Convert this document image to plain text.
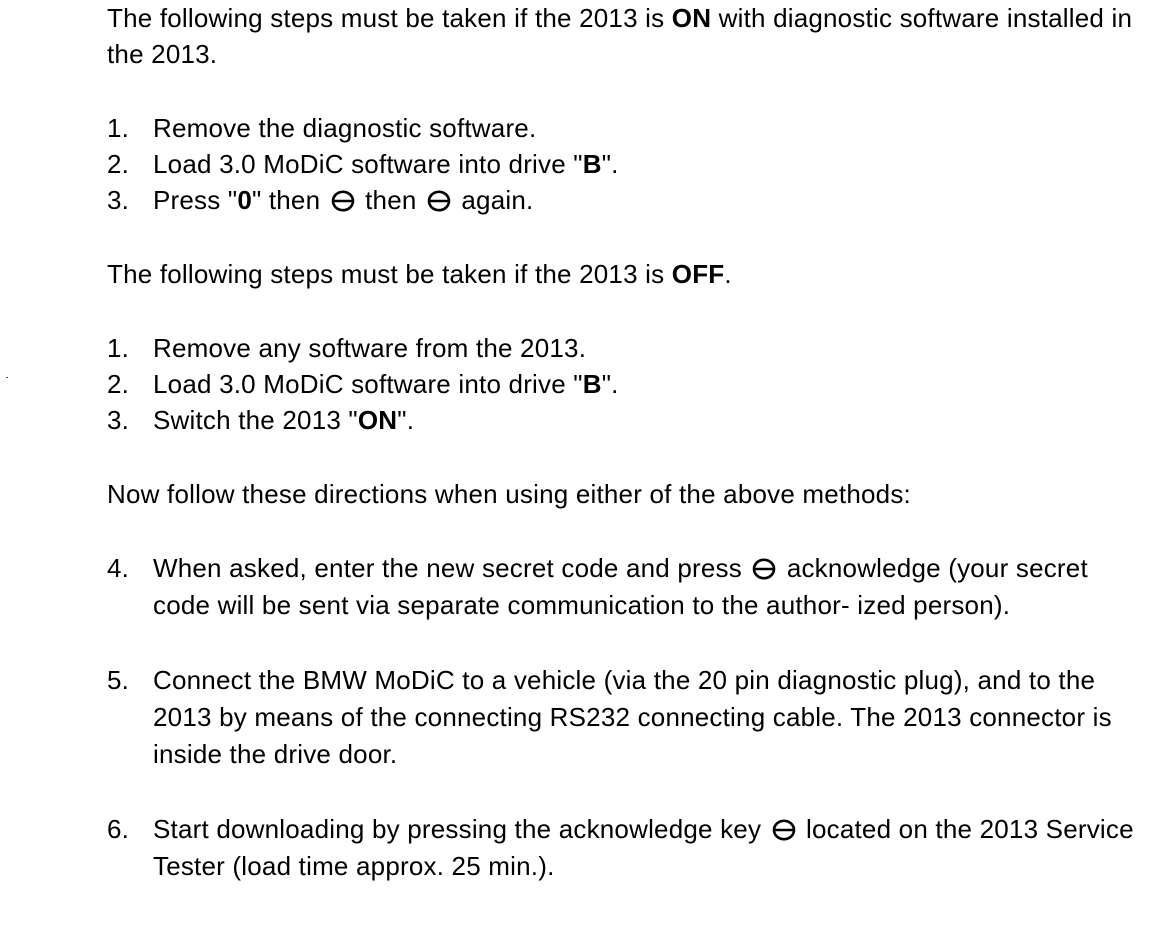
The following steps must be taken if the 2013 is ON with diagnostic software installed in the 2013.

1. Remove the diagnostic software.
2. Load 3.0 MoDiC software into drive "B".
3. Press "0" then
then
again.

The following steps must be taken if the 2013 is OFF.

1. Remove any software from the 2013.
2. Load 3.0 MoDiC software into drive "B".
3. Switch the 2013 "ON".

Now follow these directions when using either of the above methods:

4. When asked, enter the new secret code and press
acknowledge (your secret code will be sent via separate communication to the author- ized person).
5. Connect the BMW MoDiC to a vehicle (via the 20 pin diagnostic plug), and to the 2013 by means of the connecting RS232 connecting cable. The 2013 connector is inside the drive door.
6. Start downloading by pressing the acknowledge key
located on the 2013 Service Tester (load time approx. 25 min.).
